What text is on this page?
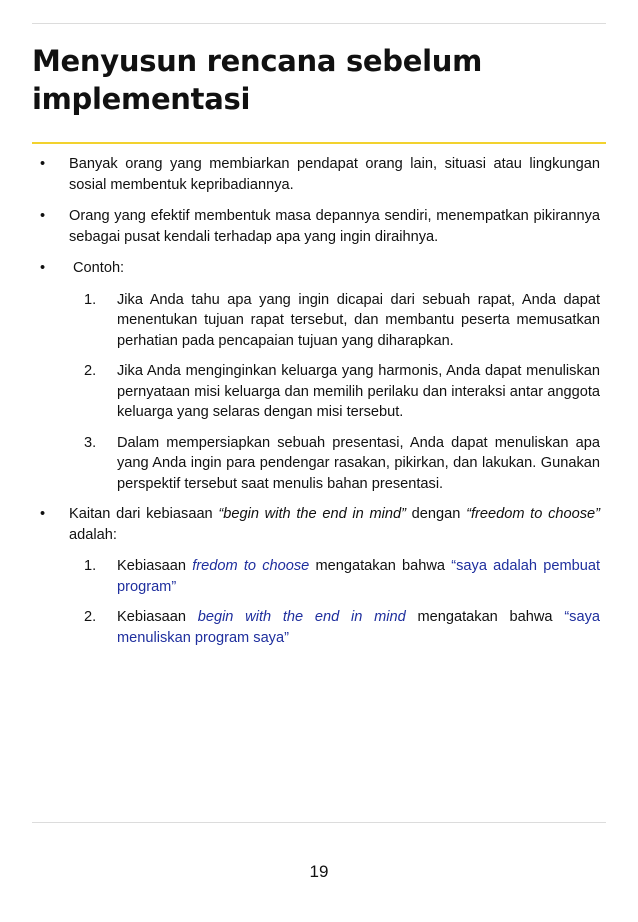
Menyusun rencana sebelum implementasi
• Banyak orang yang membiarkan pendapat orang lain, situasi atau lingkungan sosial membentuk kepribadiannya.
• Orang yang efektif membentuk masa depannya sendiri, menempatkan pikirannya sebagai pusat kendali terhadap apa yang ingin diraihnya.
• Contoh:
1. Jika Anda tahu apa yang ingin dicapai dari sebuah rapat, Anda dapat menentukan tujuan rapat tersebut, dan membantu peserta memusatkan perhatian pada pencapaian tujuan yang diharapkan.
2. Jika Anda menginginkan keluarga yang harmonis, Anda dapat menuliskan pernyataan misi keluarga dan memilih perilaku dan interaksi antar anggota keluarga yang selaras dengan misi tersebut.
3. Dalam mempersiapkan sebuah presentasi, Anda dapat menuliskan apa yang Anda ingin para pendengar rasakan, pikirkan, dan lakukan. Gunakan perspektif tersebut saat menulis bahan presentasi.
• Kaitan dari kebiasaan “begin with the end in mind” dengan “freedom to choose” adalah:
1. Kebiasaan fredom to choose mengatakan bahwa “saya adalah pembuat program”
2. Kebiasaan begin with the end in mind mengatakan bahwa “saya menuliskan program saya”
19
